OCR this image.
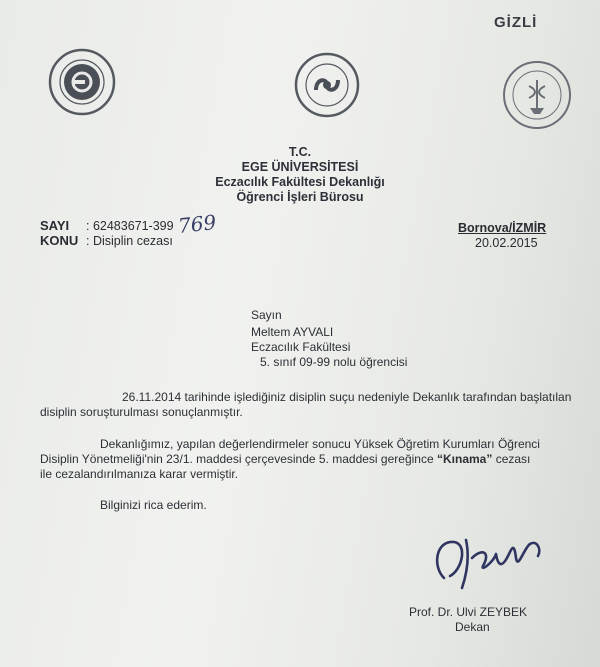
GİZLİ
T.C.
EGE ÜNİVERSİTESİ
Eczacılık Fakültesi Dekanlığı
Öğrenci İşleri Bürosu
SAYI : 62483671-399 769
KONU : Disiplin cezası
Bornova/İZMİR
20.02.2015
Sayın
Meltem AYVALI
Eczacılık Fakültesi
5. sınıf 09-99 nolu öğrencisi
26.11.2014 tarihinde işlediğiniz disiplin suçu nedeniyle Dekanlık tarafından başlatılan
disiplin soruşturulması sonuçlanmıştır.
Dekanlığımız, yapılan değerlendirmeler sonucu Yüksek Öğretim Kurumları Öğrenci
Disiplin Yönetmeliği'nin 23/1. maddesi çerçevesinde 5. maddesi gereğince “Kınama” cezası
ile cezalandırılmanıza karar vermiştir.
Bilginizi rica ederim.
Prof. Dr. Ulvi ZEYBEK
Dekan
